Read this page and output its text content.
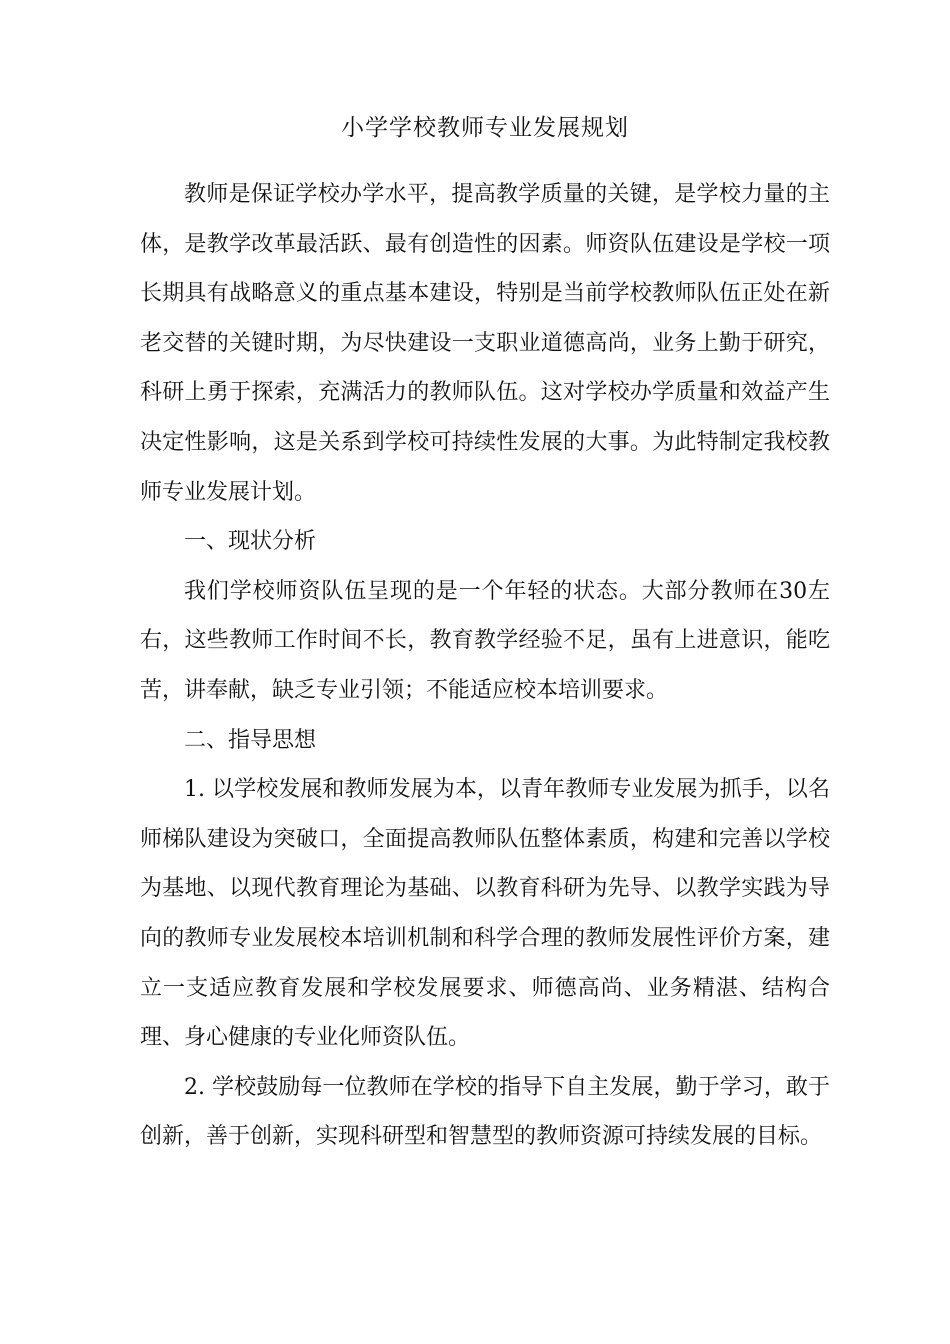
小学学校教师专业发展规划

教师是保证学校办学水平，提高教学质量的关键，是学校力量的主体，是教学改革最活跃、最有创造性的因素。师资队伍建设是学校一项长期具有战略意义的重点基本建设，特别是当前学校教师队伍正处在新老交替的关键时期，为尽快建设一支职业道德高尚，业务上勤于研究，科研上勇于探索，充满活力的教师队伍。这对学校办学质量和效益产生决定性影响，这是关系到学校可持续性发展的大事。为此特制定我校教师专业发展计划。

一、现状分析

我们学校师资队伍呈现的是一个年轻的状态。大部分教师在30左右，这些教师工作时间不长，教育教学经验不足，虽有上进意识，能吃苦，讲奉献，缺乏专业引领；不能适应校本培训要求。

二、指导思想

1. 以学校发展和教师发展为本，以青年教师专业发展为抓手，以名师梯队建设为突破口，全面提高教师队伍整体素质，构建和完善以学校为基地、以现代教育理论为基础、以教育科研为先导、以教学实践为导向的教师专业发展校本培训机制和科学合理的教师发展性评价方案，建立一支适应教育发展和学校发展要求、师德高尚、业务精湛、结构合理、身心健康的专业化师资队伍。

2. 学校鼓励每一位教师在学校的指导下自主发展，勤于学习，敢于创新，善于创新，实现科研型和智慧型的教师资源可持续发展的目标。
